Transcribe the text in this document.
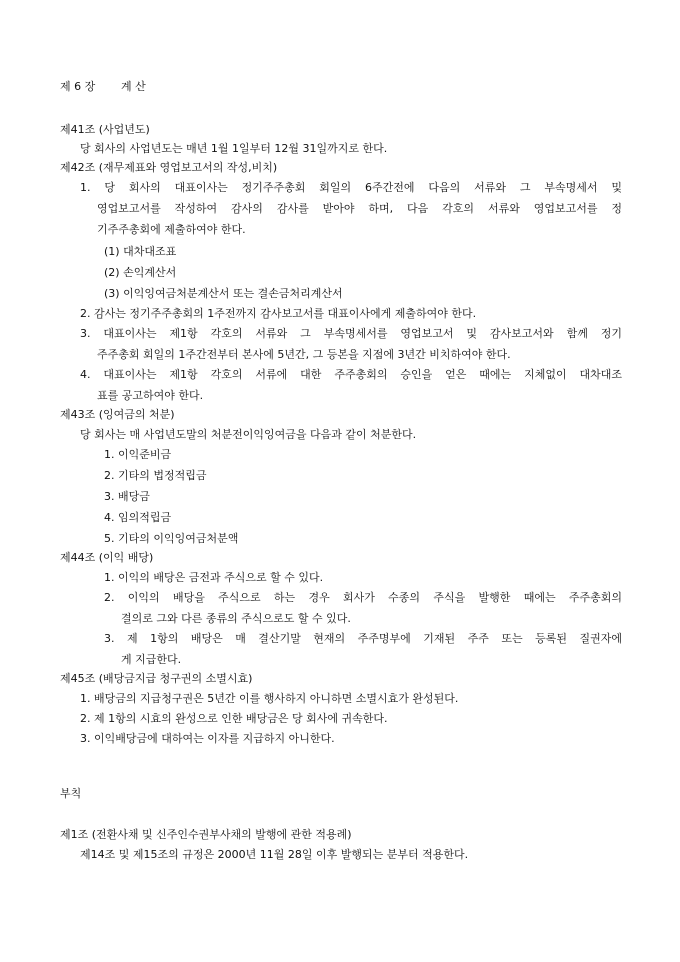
제 6 장 계 산
제41조 (사업년도)
당 회사의 사업년도는 매년 1월 1일부터 12월 31일까지로 한다.
제42조 (재무제표와 영업보고서의 작성,비치)
1. 당 회사의 대표이사는 정기주주총회 회일의 6주간전에 다음의 서류와 그 부속명세서 및
영업보고서를 작성하여 감사의 감사를 받아야 하며, 다음 각호의 서류와 영업보고서를 정
기주주총회에 제출하여야 한다.
(1) 대차대조표
(2) 손익계산서
(3) 이익잉여금처분계산서 또는 결손금처리계산서
2. 감사는 정기주주총회의 1주전까지 감사보고서를 대표이사에게 제출하여야 한다.
3. 대표이사는 제1항 각호의 서류와 그 부속명세서를 영업보고서 및 감사보고서와 함께 정기
주주총회 회일의 1주간전부터 본사에 5년간, 그 등본을 지점에 3년간 비치하여야 한다.
4. 대표이사는 제1항 각호의 서류에 대한 주주총회의 승인을 얻은 때에는 지체없이 대차대조
표를 공고하여야 한다.
제43조 (잉여금의 처분)
당 회사는 매 사업년도말의 처분전이익잉여금을 다음과 같이 처분한다.
1. 이익준비금
2. 기타의 법정적립금
3. 배당금
4. 임의적립금
5. 기타의 이익잉여금처분액
제44조 (이익 배당)
1. 이익의 배당은 금전과 주식으로 할 수 있다.
2. 이익의 배당을 주식으로 하는 경우 회사가 수종의 주식을 발행한 때에는 주주총회의
결의로 그와 다른 종류의 주식으로도 할 수 있다.
3. 제 1항의 배당은 매 결산기말 현재의 주주명부에 기재된 주주 또는 등록된 질권자에
게 지급한다.
제45조 (배당금지급 청구권의 소멸시효)
1. 배당금의 지급청구권은 5년간 이를 행사하지 아니하면 소멸시효가 완성된다.
2. 제 1항의 시효의 완성으로 인한 배당금은 당 회사에 귀속한다.
3. 이익배당금에 대하여는 이자를 지급하지 아니한다.
부칙
제1조 (전환사채 및 신주인수권부사채의 발행에 관한 적용례)
제14조 및 제15조의 규정은 2000년 11월 28일 이후 발행되는 분부터 적용한다.
